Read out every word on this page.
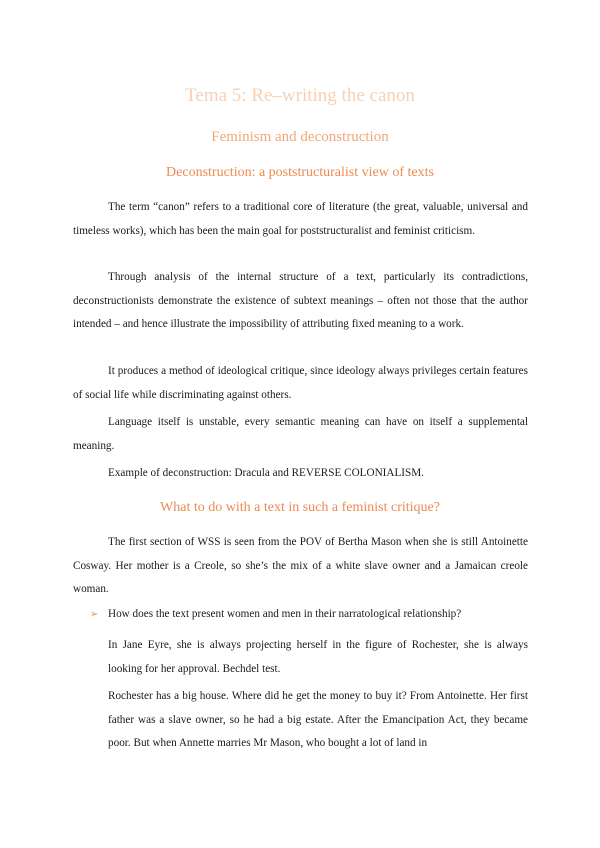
Tema 5: Re–writing the canon
Feminism and deconstruction
Deconstruction: a poststructuralist view of texts

The term “canon” refers to a traditional core of literature (the great, valuable, universal and timeless works), which has been the main goal for poststructuralist and feminist criticism.

Through analysis of the internal structure of a text, particularly its contradictions, deconstructionists demonstrate the existence of subtext meanings – often not those that the author intended – and hence illustrate the impossibility of attributing fixed meaning to a work.

It produces a method of ideological critique, since ideology always privileges certain features of social life while discriminating against others.

Language itself is unstable, every semantic meaning can have on itself a supplemental meaning.

Example of deconstruction: Dracula and REVERSE COLONIALISM.

What to do with a text in such a feminist critique?

The first section of WSS is seen from the POV of Bertha Mason when she is still Antoinette Cosway. Her mother is a Creole, so she’s the mix of a white slave owner and a Jamaican creole woman.

➢ How does the text present women and men in their narratological relationship?

In Jane Eyre, she is always projecting herself in the figure of Rochester, she is always looking for her approval. Bechdel test.

Rochester has a big house. Where did he get the money to buy it? From Antoinette. Her first father was a slave owner, so he had a big estate. After the Emancipation Act, they became poor. But when Annette marries Mr Mason, who bought a lot of land in
